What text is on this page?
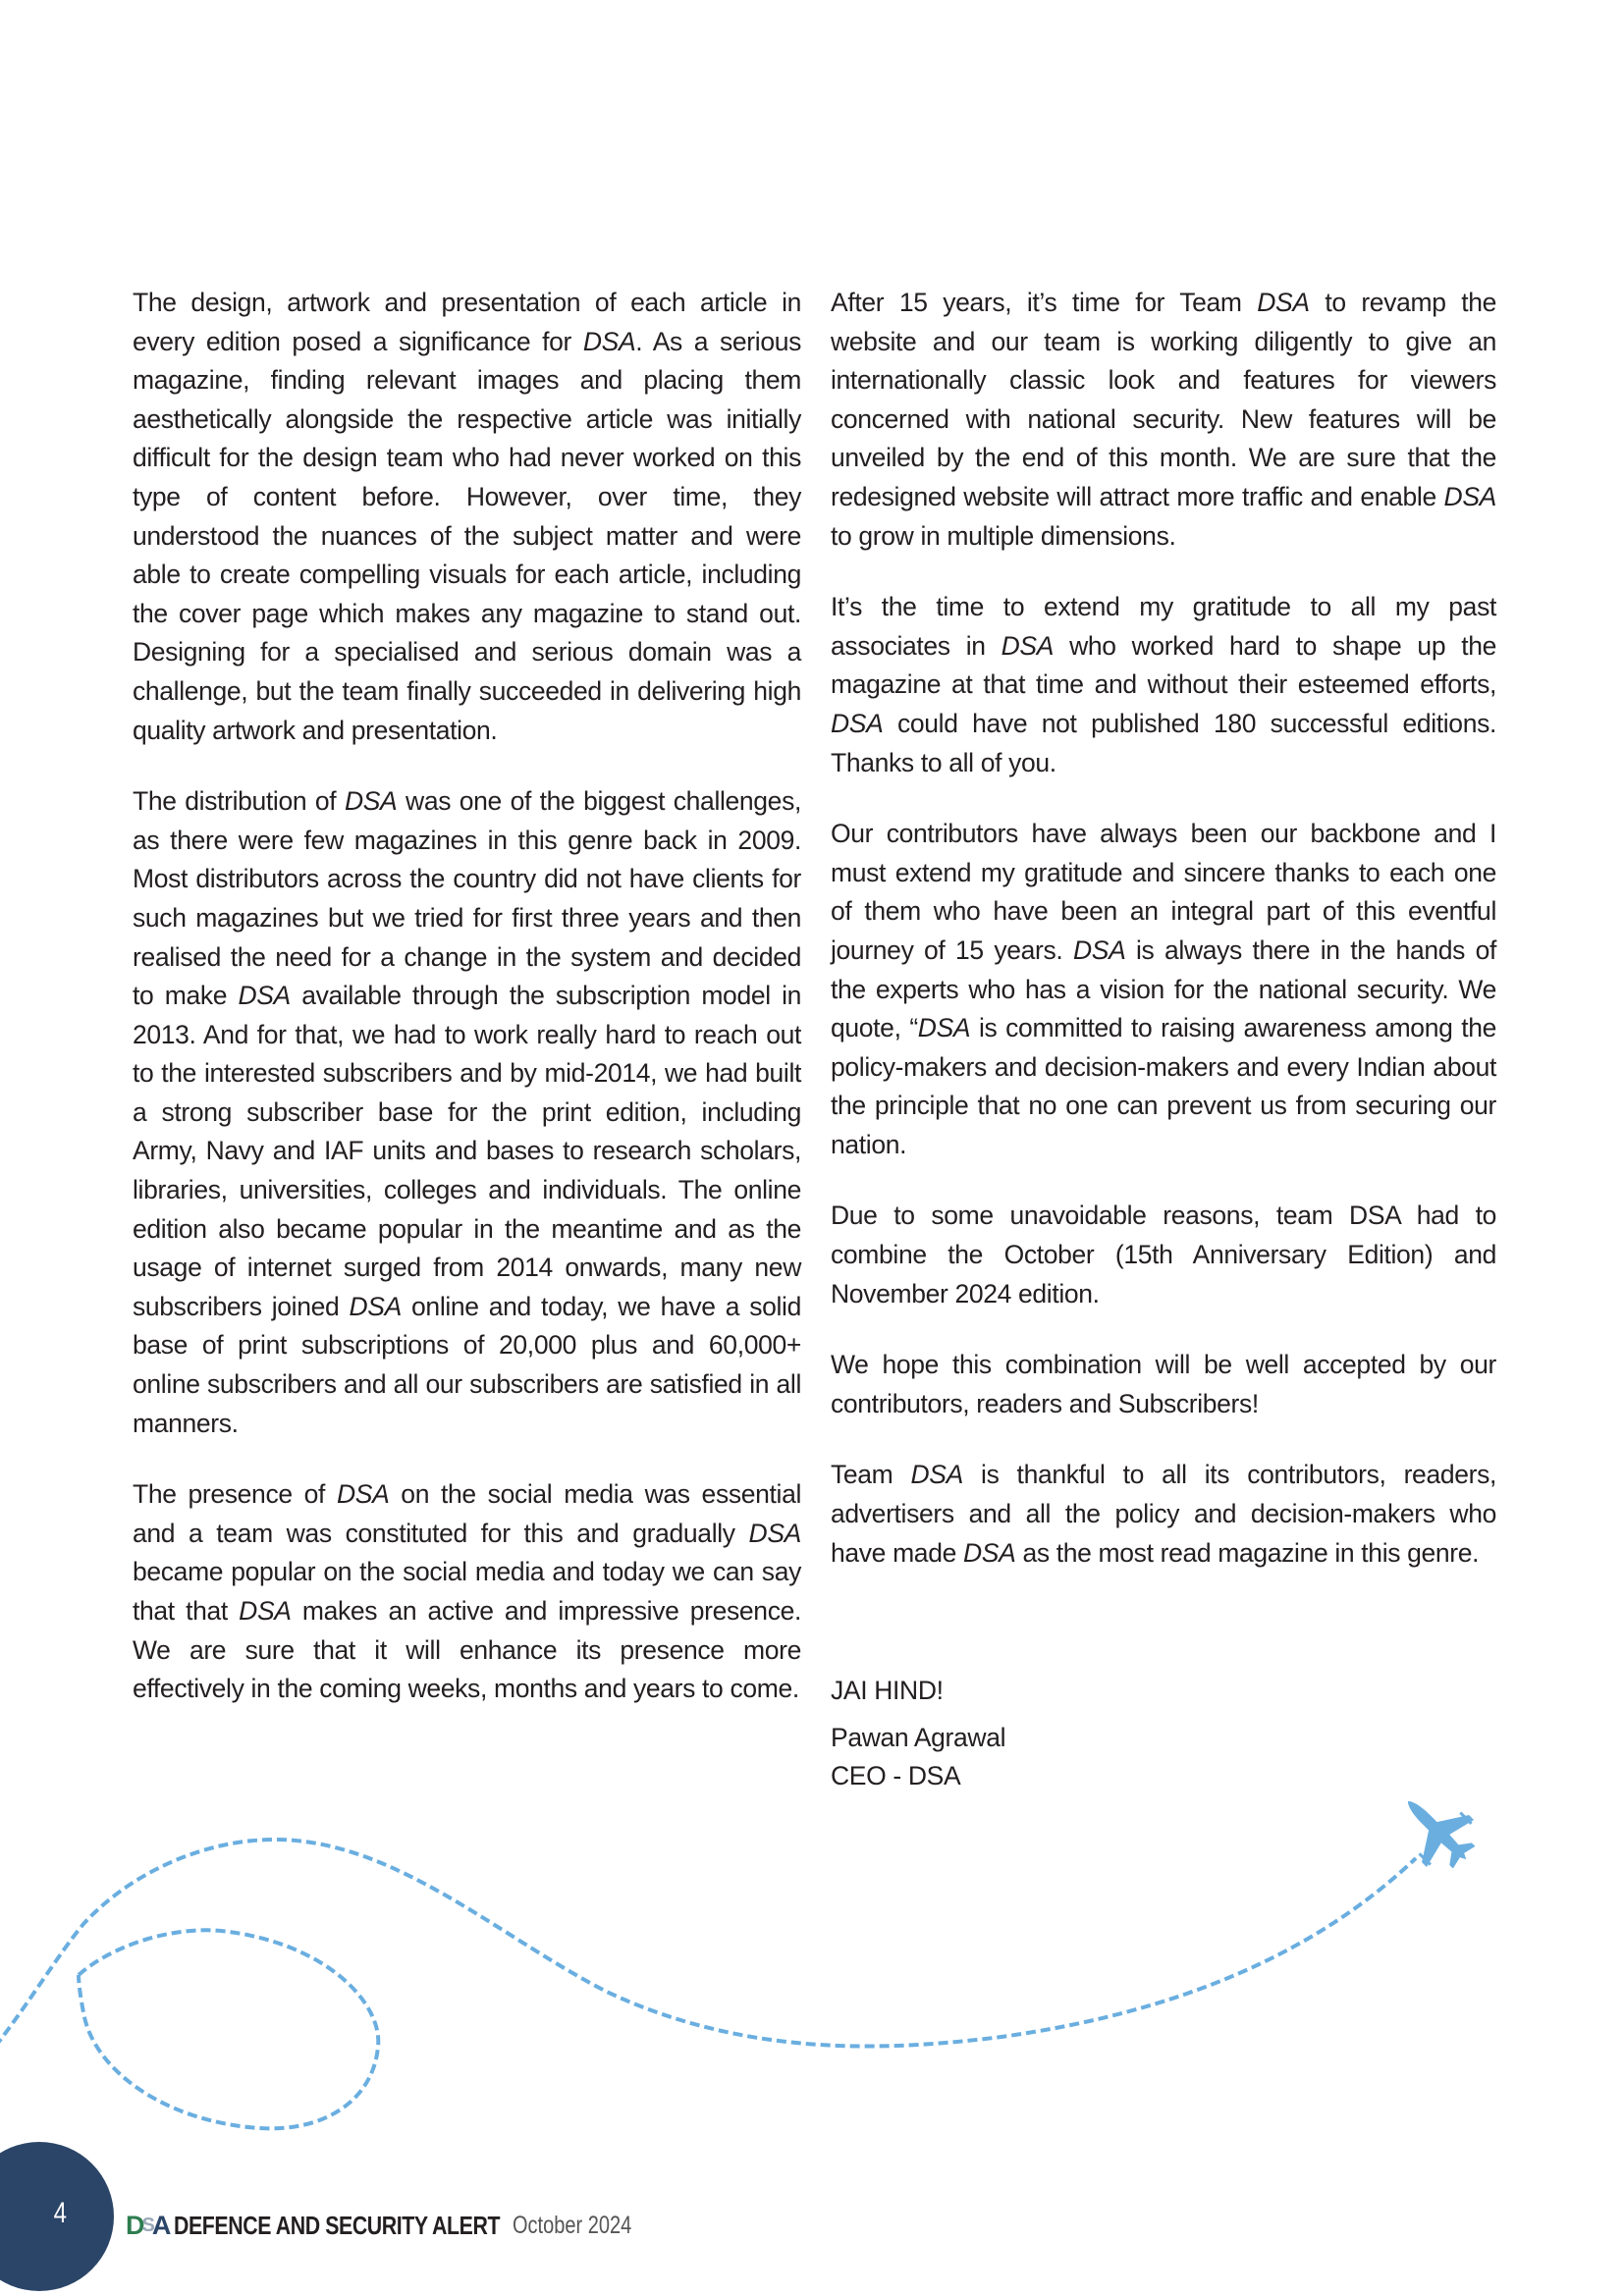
The design, artwork and presentation of each article in every edition posed a significance for DSA. As a serious magazine, finding relevant images and placing them aesthetically alongside the respective article was initially difficult for the design team who had never worked on this type of content before. However, over time, they understood the nuances of the subject matter and were able to create compelling visuals for each article, including the cover page which makes any magazine to stand out. Designing for a specialised and serious domain was a challenge, but the team finally succeeded in delivering high quality artwork and presentation.

The distribution of DSA was one of the biggest challenges, as there were few magazines in this genre back in 2009. Most distributors across the country did not have clients for such magazines but we tried for first three years and then realised the need for a change in the system and decided to make DSA available through the subscription model in 2013. And for that, we had to work really hard to reach out to the interested subscribers and by mid-2014, we had built a strong subscriber base for the print edition, including Army, Navy and IAF units and bases to research scholars, libraries, universities, colleges and individuals. The online edition also became popular in the meantime and as the usage of internet surged from 2014 onwards, many new subscribers joined DSA online and today, we have a solid base of print subscriptions of 20,000 plus and 60,000+ online subscribers and all our subscribers are satisfied in all manners.

The presence of DSA on the social media was essential and a team was constituted for this and gradually DSA became popular on the social media and today we can say that that DSA makes an active and impressive presence. We are sure that it will enhance its presence more effectively in the coming weeks, months and years to come.

After 15 years, it’s time for Team DSA to revamp the website and our team is working diligently to give an internationally classic look and features for viewers concerned with national security. New features will be unveiled by the end of this month. We are sure that the redesigned website will attract more traffic and enable DSA to grow in multiple dimensions.

It’s the time to extend my gratitude to all my past associates in DSA who worked hard to shape up the magazine at that time and without their esteemed efforts, DSA could have not published 180 successful editions. Thanks to all of you.

Our contributors have always been our backbone and I must extend my gratitude and sincere thanks to each one of them who have been an integral part of this eventful journey of 15 years. DSA is always there in the hands of the experts who has a vision for the national security. We quote, “DSA is committed to raising awareness among the policy-makers and decision-makers and every Indian about the principle that no one can prevent us from securing our nation.

Due to some unavoidable reasons, team DSA had to combine the October (15th Anniversary Edition) and November 2024 edition.

We hope this combination will be well accepted by our contributors, readers and Subscribers!

Team DSA is thankful to all its contributors, readers, advertisers and all the policy and decision-makers who have made DSA as the most read magazine in this genre.

JAI HIND!
Pawan Agrawal
CEO - DSA
4 D S A DEFENCE AND SECURITY ALERT October 2024
